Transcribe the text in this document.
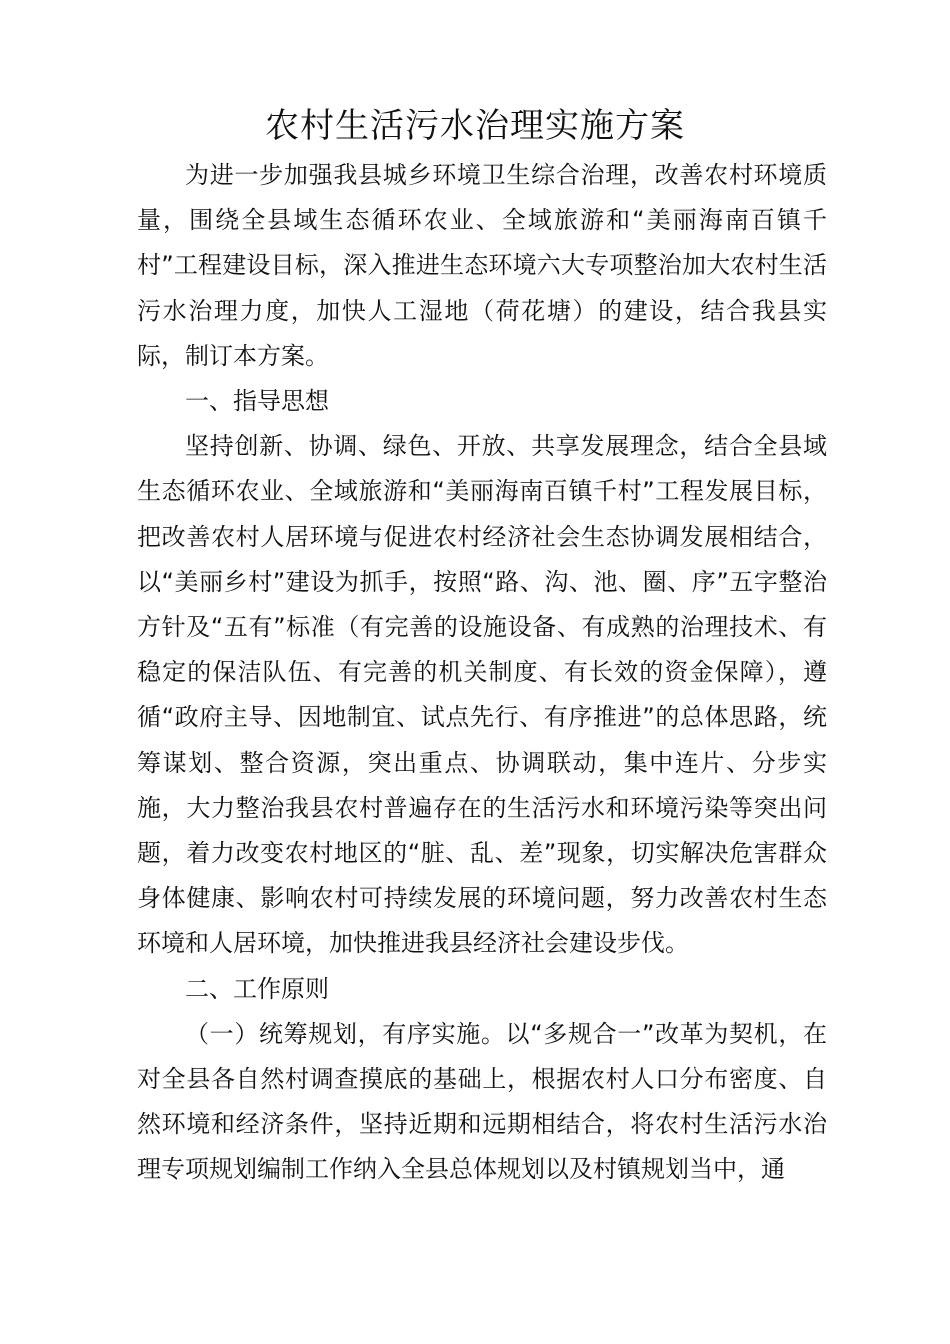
农村生活污水治理实施方案

为进一步加强我县城乡环境卫生综合治理，改善农村环境质量，围绕全县域生态循环农业、全域旅游和“美丽海南百镇千村”工程建设目标，深入推进生态环境六大专项整治加大农村生活污水治理力度，加快人工湿地（荷花塘）的建设，结合我县实际，制订本方案。

一、指导思想

坚持创新、协调、绿色、开放、共享发展理念，结合全县域生态循环农业、全域旅游和“美丽海南百镇千村”工程发展目标，把改善农村人居环境与促进农村经济社会生态协调发展相结合，以“美丽乡村”建设为抓手，按照“路、沟、池、圈、序”五字整治方针及“五有”标准（有完善的设施设备、有成熟的治理技术、有稳定的保洁队伍、有完善的机关制度、有长效的资金保障），遵循“政府主导、因地制宜、试点先行、有序推进”的总体思路，统筹谋划、整合资源，突出重点、协调联动，集中连片、分步实施，大力整治我县农村普遍存在的生活污水和环境污染等突出问题，着力改变农村地区的“脏、乱、差”现象，切实解决危害群众身体健康、影响农村可持续发展的环境问题，努力改善农村生态环境和人居环境，加快推进我县经济社会建设步伐。

二、工作原则

（一）统筹规划，有序实施。以“多规合一”改革为契机，在对全县各自然村调查摸底的基础上，根据农村人口分布密度、自然环境和经济条件，坚持近期和远期相结合，将农村生活污水治理专项规划编制工作纳入全县总体规划以及村镇规划当中，通
